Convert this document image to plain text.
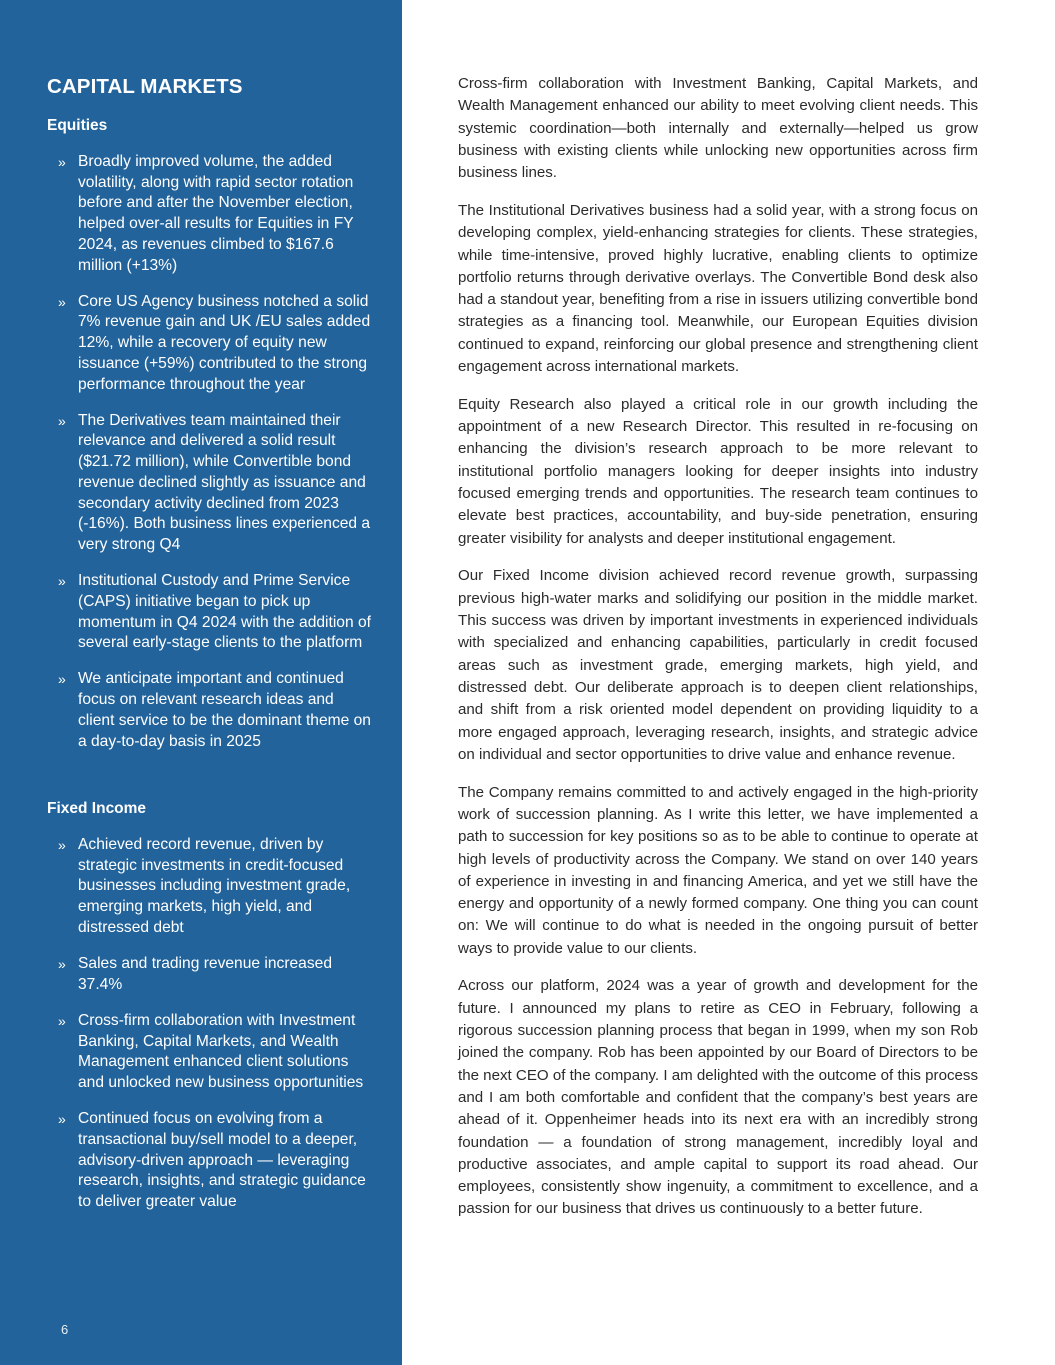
CAPITAL MARKETS
Equities
» Broadly improved volume, the added volatility, along with rapid sector rotation before and after the November election, helped over-all results for Equities in FY 2024, as revenues climbed to $167.6 million (+13%)
» Core US Agency business notched a solid 7% revenue gain and UK /EU sales added 12%, while a recovery of equity new issuance (+59%) contributed to the strong performance throughout the year
» The Derivatives team maintained their relevance and delivered a solid result ($21.72 million), while Convertible bond revenue declined slightly as issuance and secondary activity declined from 2023 (-16%). Both business lines experienced a very strong Q4
» Institutional Custody and Prime Service (CAPS) initiative began to pick up momentum in Q4 2024 with the addition of several early-stage clients to the platform
» We anticipate important and continued focus on relevant research ideas and client service to be the dominant theme on a day-to-day basis in 2025
Fixed Income
» Achieved record revenue, driven by strategic investments in credit-focused businesses including investment grade, emerging markets, high yield, and distressed debt
» Sales and trading revenue increased 37.4%
» Cross-firm collaboration with Investment Banking, Capital Markets, and Wealth Management enhanced client solutions and unlocked new business opportunities
» Continued focus on evolving from a transactional buy/sell model to a deeper, advisory-driven approach — leveraging research, insights, and strategic guidance to deliver greater value
6

Cross-firm collaboration with Investment Banking, Capital Markets, and Wealth Management enhanced our ability to meet evolving client needs. This systemic coordination—both internally and externally—helped us grow business with existing clients while unlocking new opportunities across firm business lines.

The Institutional Derivatives business had a solid year, with a strong focus on developing complex, yield-enhancing strategies for clients. These strategies, while time-intensive, proved highly lucrative, enabling clients to optimize portfolio returns through derivative overlays. The Convertible Bond desk also had a standout year, benefiting from a rise in issuers utilizing convertible bond strategies as a financing tool. Meanwhile, our European Equities division continued to expand, reinforcing our global presence and strengthening client engagement across international markets.

Equity Research also played a critical role in our growth including the appointment of a new Research Director. This resulted in re-focusing on enhancing the division’s research approach to be more relevant to institutional portfolio managers looking for deeper insights into industry focused emerging trends and opportunities. The research team continues to elevate best practices, accountability, and buy-side penetration, ensuring greater visibility for analysts and deeper institutional engagement.

Our Fixed Income division achieved record revenue growth, surpassing previous high-water marks and solidifying our position in the middle market. This success was driven by important investments in experienced individuals with specialized and enhancing capabilities, particularly in credit focused areas such as investment grade, emerging markets, high yield, and distressed debt. Our deliberate approach is to deepen client relationships, and shift from a risk oriented model dependent on providing liquidity to a more engaged approach, leveraging research, insights, and strategic advice on individual and sector opportunities to drive value and enhance revenue.

The Company remains committed to and actively engaged in the high-priority work of succession planning. As I write this letter, we have implemented a path to succession for key positions so as to be able to continue to operate at high levels of productivity across the Company. We stand on over 140 years of experience in investing in and financing America, and yet we still have the energy and opportunity of a newly formed company. One thing you can count on: We will continue to do what is needed in the ongoing pursuit of better ways to provide value to our clients.

Across our platform, 2024 was a year of growth and development for the future. I announced my plans to retire as CEO in February, following a rigorous succession planning process that began in 1999, when my son Rob joined the company. Rob has been appointed by our Board of Directors to be the next CEO of the company. I am delighted with the outcome of this process and I am both comfortable and confident that the company’s best years are ahead of it. Oppenheimer heads into its next era with an incredibly strong foundation — a foundation of strong management, incredibly loyal and productive associates, and ample capital to support its road ahead. Our employees, consistently show ingenuity, a commitment to excellence, and a passion for our business that drives us continuously to a better future.
